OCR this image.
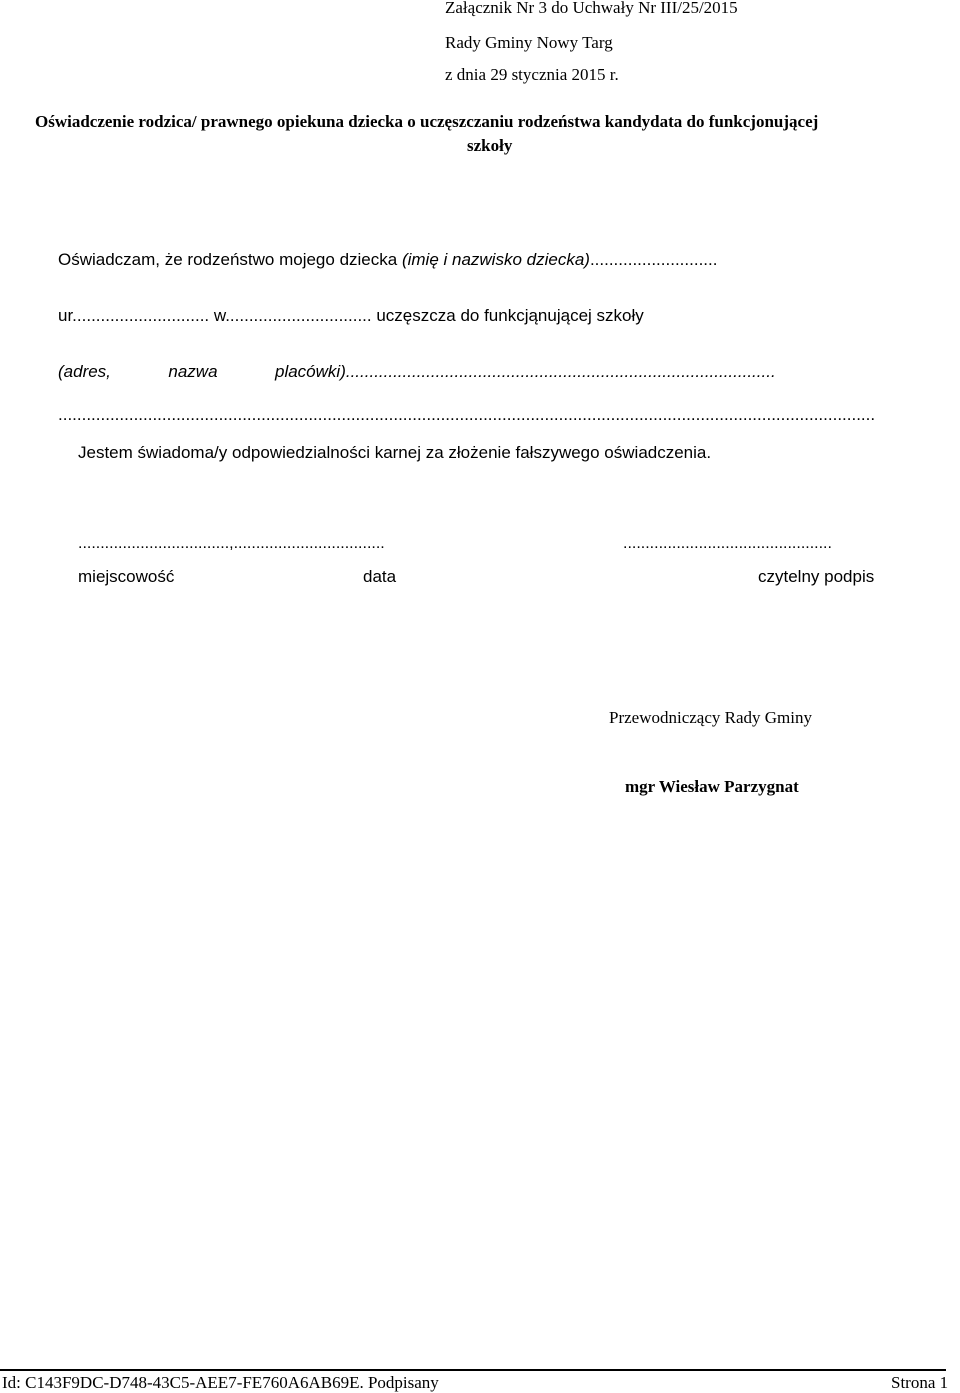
Załącznik Nr 3 do Uchwały Nr III/25/2015
Rady Gminy Nowy Targ
z dnia 29 stycznia 2015 r.
Oświadczenie rodzica/ prawnego opiekuna dziecka o uczęszczaniu rodzeństwa kandydata do funkcjonującej
szkoły
Oświadczam, że rodzeństwo mojego dziecka (imię i nazwisko dziecka)...........................
ur............................. w............................... uczęszcza do funkcjąnującej szkoły
(adres,	nazwa	placówki)...........................................................................................
.............................................................................................................................................................................
Jestem świadoma/y odpowiedzialności karnej za złożenie fałszywego oświadczenia.
..................................,..................................	...............................................
miejscowość	data	czytelny podpis
Przewodniczący Rady Gminy
mgr Wiesław Parzygnat
Id: C143F9DC-D748-43C5-AEE7-FE760A6AB69E. Podpisany	Strona 1
